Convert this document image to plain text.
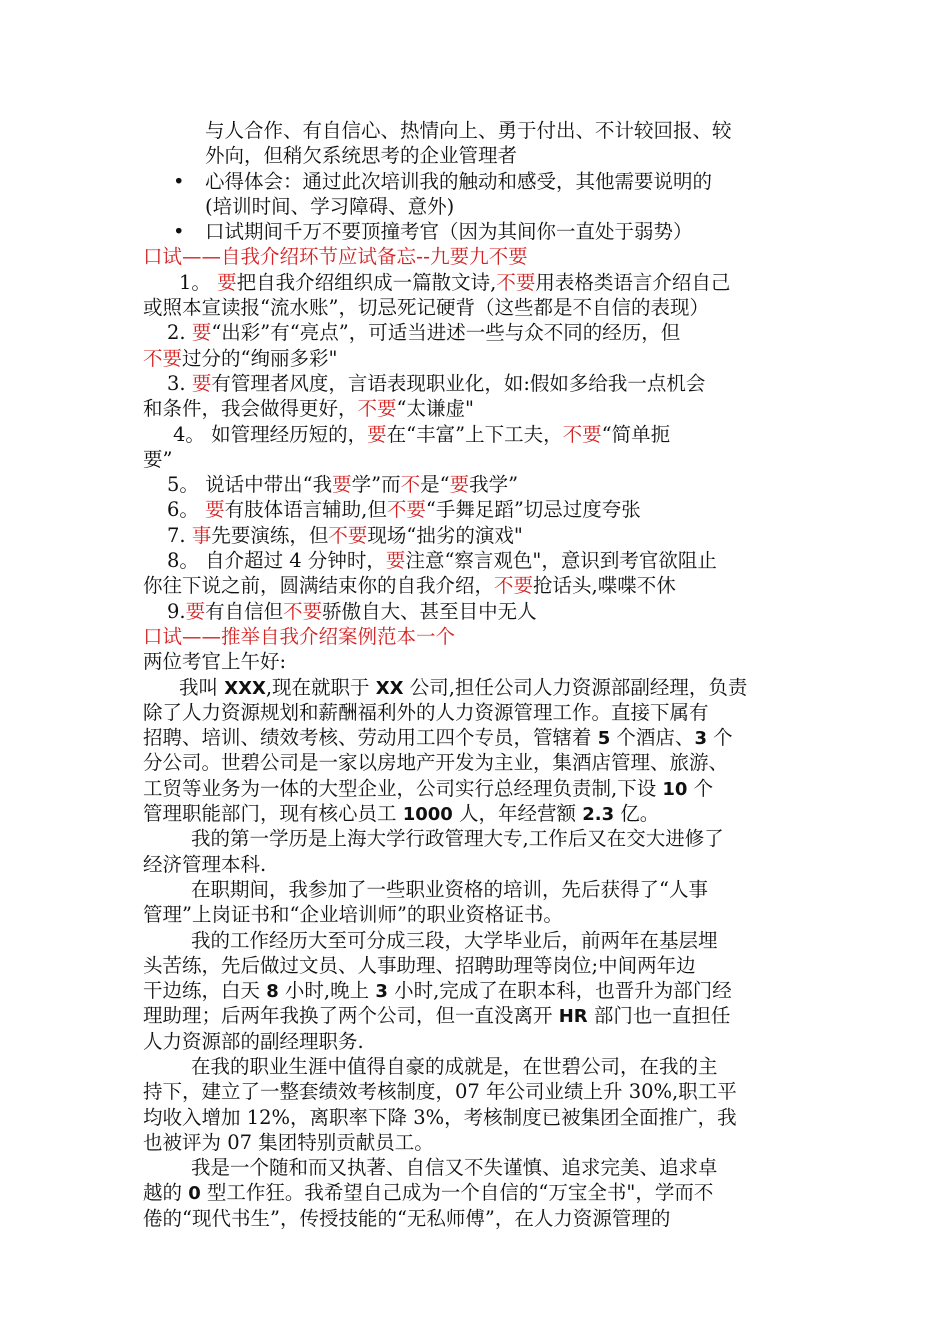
与人合作、有自信心、热情向上、勇于付出、不计较回报、较
外向，但稍欠系统思考的企业管理者
• 心得体会：通过此次培训我的触动和感受，其他需要说明的
(培训时间、学习障碍、意外)
• 口试期间千万不要顶撞考官（因为其间你一直处于弱势）
口试——自我介绍环节应试备忘--九要九不要
1。 要把自我介绍组织成一篇散文诗,不要用表格类语言介绍自己
或照本宣读报“流水账”，切忌死记硬背（这些都是不自信的表现）
2. 要“出彩”有“亮点”，可适当进述一些与众不同的经历，但
不要过分的“绚丽多彩"
3. 要有管理者风度，言语表现职业化，如:假如多给我一点机会
和条件，我会做得更好，不要“太谦虚"
4。 如管理经历短的，要在“丰富”上下工夫，不要“简单扼
要”
5。 说话中带出“我要学”而不是“要我学”
6。 要有肢体语言辅助,但不要“手舞足蹈”切忌过度夸张
7. 事先要演练，但不要现场“拙劣的演戏"
8。 自介超过 4 分钟时，要注意“察言观色"，意识到考官欲阻止
你往下说之前，圆满结束你的自我介绍，不要抢话头,喋喋不休
9.要有自信但不要骄傲自大、甚至目中无人
口试——推举自我介绍案例范本一个
两位考官上午好:
我叫 XXX,现在就职于 XX 公司,担任公司人力资源部副经理，负责
除了人力资源规划和薪酬福利外的人力资源管理工作。直接下属有
招聘、培训、绩效考核、劳动用工四个专员，管辖着 5 个酒店、3 个
分公司。世碧公司是一家以房地产开发为主业，集酒店管理、旅游、
工贸等业务为一体的大型企业，公司实行总经理负责制,下设 10 个
管理职能部门，现有核心员工 1000 人，年经营额 2.3 亿。
我的第一学历是上海大学行政管理大专,工作后又在交大进修了
经济管理本科.
在职期间，我参加了一些职业资格的培训，先后获得了“人事
管理”上岗证书和“企业培训师”的职业资格证书。
我的工作经历大至可分成三段，大学毕业后，前两年在基层埋
头苦练，先后做过文员、人事助理、招聘助理等岗位;中间两年边
干边练，白天 8 小时,晚上 3 小时,完成了在职本科，也晋升为部门经
理助理；后两年我换了两个公司，但一直没离开 HR 部门也一直担任
人力资源部的副经理职务.
在我的职业生涯中值得自豪的成就是，在世碧公司，在我的主
持下，建立了一整套绩效考核制度，07 年公司业绩上升 30%,职工平
均收入增加 12%，离职率下降 3%，考核制度已被集团全面推广，我
也被评为 07 集团特别贡献员工。
我是一个随和而又执著、自信又不失谨慎、追求完美、追求卓
越的 0 型工作狂。我希望自己成为一个自信的“万宝全书"，学而不
倦的“现代书生”，传授技能的“无私师傅”，在人力资源管理的
